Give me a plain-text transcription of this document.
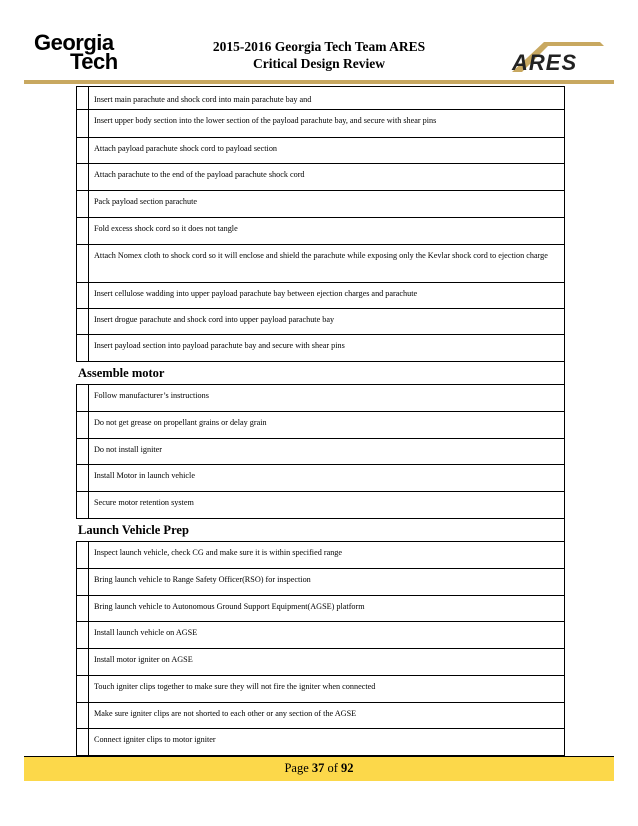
Georgia
Tech
2015-2016 Georgia Tech Team ARES
Critical Design Review	ARES
Insert main parachute and shock cord into main parachute bay and
Insert upper body section into the lower section of the payload parachute bay, and secure with shear pins
Attach payload parachute shock cord to payload section
Attach parachute to the end of the payload parachute shock cord
Pack payload section parachute
Fold excess shock cord so it does not tangle
Attach Nomex cloth to shock cord so it will enclose and shield the parachute while exposing only the Kevlar shock cord to ejection charge
Insert cellulose wadding into upper payload parachute bay between ejection charges and parachute
Insert drogue parachute and shock cord into upper payload parachute bay
Insert payload section into payload parachute bay and secure with shear pins
Assemble motor
Follow manufacturer’s instructions
Do not get grease on propellant grains or delay grain
Do not install igniter
Install Motor in launch vehicle
Secure motor retention system
Launch Vehicle Prep
Inspect launch vehicle, check CG and make sure it is within specified range
Bring launch vehicle to Range Safety Officer(RSO) for inspection
Bring launch vehicle to Autonomous Ground Support Equipment(AGSE) platform
Install launch vehicle on AGSE
Install motor igniter on AGSE
Touch igniter clips together to make sure they will not fire the igniter when connected
Make sure igniter clips are not shorted to each other or any section of the AGSE
Connect igniter clips to motor igniter
Page 37 of 92
